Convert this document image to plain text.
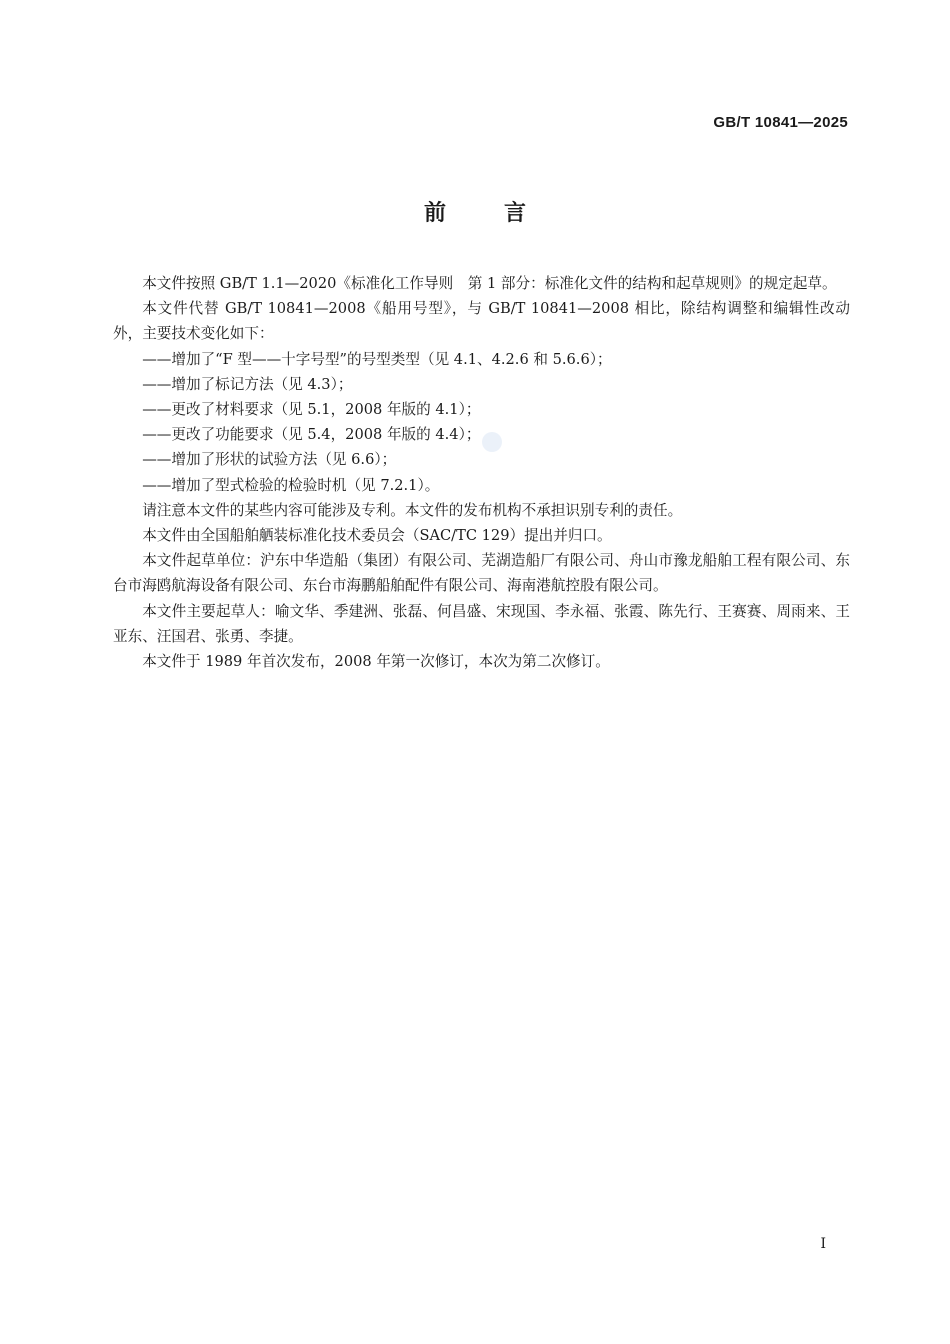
GB/T 10841—2025
前言

本文件按照 GB/T 1.1—2020《标准化工作导则　第 1 部分：标准化文件的结构和起草规则》的规定起草。

本文件代替 GB/T 10841—2008《船用号型》，与 GB/T 10841—2008 相比，除结构调整和编辑性改动外，主要技术变化如下：

——增加了“F 型——十字号型”的号型类型（见 4.1、4.2.6 和 5.6.6）；

——增加了标记方法（见 4.3）；

——更改了材料要求（见 5.1，2008 年版的 4.1）；

——更改了功能要求（见 5.4，2008 年版的 4.4）；

——增加了形状的试验方法（见 6.6）；

——增加了型式检验的检验时机（见 7.2.1）。

请注意本文件的某些内容可能涉及专利。本文件的发布机构不承担识别专利的责任。

本文件由全国船舶舾装标准化技术委员会（SAC/TC 129）提出并归口。

本文件起草单位：沪东中华造船（集团）有限公司、芜湖造船厂有限公司、舟山市豫龙船舶工程有限公司、东台市海鸥航海设备有限公司、东台市海鹏船舶配件有限公司、海南港航控股有限公司。

本文件主要起草人：喻文华、季建洲、张磊、何昌盛、宋现国、李永福、张霞、陈先行、王赛赛、周雨来、王亚东、汪国君、张勇、李捷。

本文件于 1989 年首次发布，2008 年第一次修订，本次为第二次修订。

I
